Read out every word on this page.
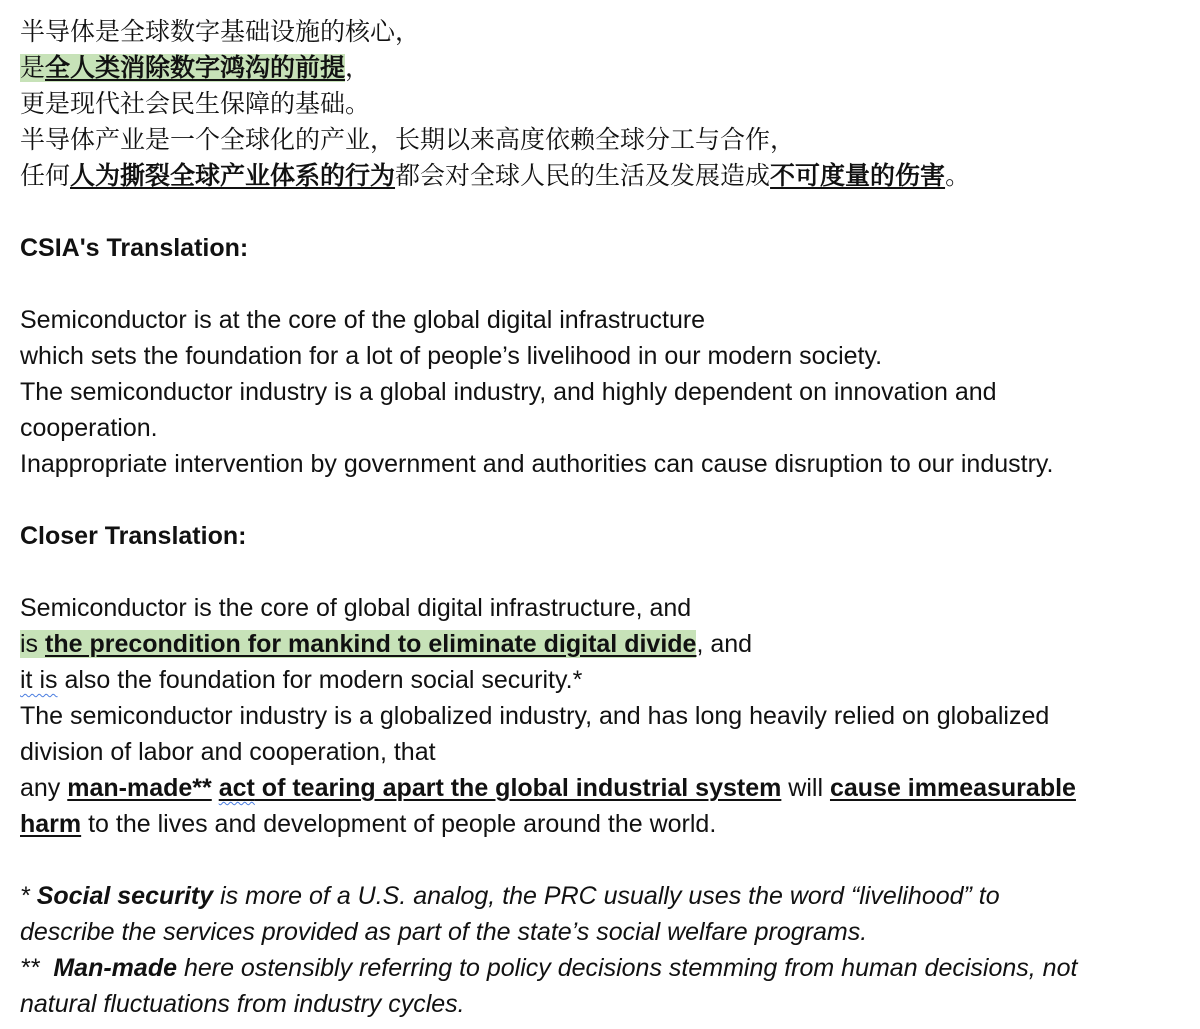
半导体是全球数字基础设施的核心，
是全人类消除数字鸿沟的前提，
更是现代社会民生保障的基础。
半导体产业是一个全球化的产业，长期以来高度依赖全球分工与合作，
任何人为撕裂全球产业体系的行为都会对全球人民的生活及发展造成不可度量的伤害。
CSIA's Translation:
Semiconductor is at the core of the global digital infrastructure
which sets the foundation for a lot of people’s livelihood in our modern society.
The semiconductor industry is a global industry, and highly dependent on innovation and
cooperation.
Inappropriate intervention by government and authorities can cause disruption to our industry.
Closer Translation:
Semiconductor is the core of global digital infrastructure, and
is the precondition for mankind to eliminate digital divide, and
it is also the foundation for modern social security.*
The semiconductor industry is a globalized industry, and has long heavily relied on globalized
division of labor and cooperation, that
any man-made** act of tearing apart the global industrial system will cause immeasurable
harm to the lives and development of people around the world.
* Social security is more of a U.S. analog, the PRC usually uses the word “livelihood” to
describe the services provided as part of the state’s social welfare programs.
**  Man-made here ostensibly referring to policy decisions stemming from human decisions, not
natural fluctuations from industry cycles.
